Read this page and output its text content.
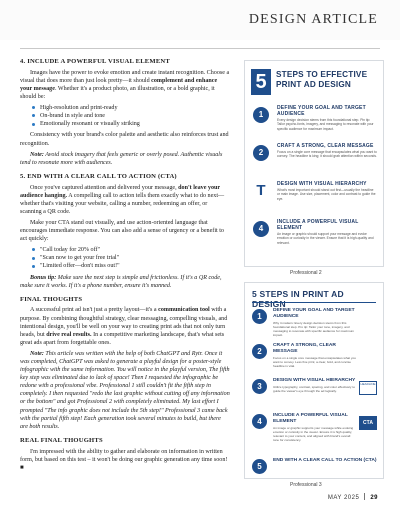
DESIGN ARTICLE
4. INCLUDE A POWERFUL VISUAL ELEMENT

Images have the power to evoke emotion and create instant recognition. Choose a visual that does more than just look pretty—it should complement and enhance your message. Whether it's a product photo, an illustration, or a bold graphic, it should be:

High-resolution and print-ready
On-brand in style and tone
Emotionally resonant or visually striking

Consistency with your brand's color palette and aesthetic also reinforces trust and recognition.

Note: Avoid stock imagery that feels generic or overly posed. Authentic visuals tend to resonate more with audiences.

5. END WITH A CLEAR CALL TO ACTION (CTA)

Once you've captured attention and delivered your message, don't leave your audience hanging. A compelling call to action tells them exactly what to do next—whether that's visiting your website, calling a number, redeeming an offer, or scanning a QR code.

Make your CTA stand out visually, and use action-oriented language that encourages immediate response. You can also add a sense of urgency or a benefit to act quickly:

"Call today for 20% off"
"Scan now to get your free trial"
"Limited offer—don't miss out!"

Bonus tip: Make sure the next step is simple and frictionless. If it's a QR code, make sure it works. If it's a phone number, ensure it's manned.

FINAL THOUGHTS

A successful print ad isn't just a pretty layout—it's a communication tool with a purpose. By combining thoughtful strategy, clear messaging, compelling visuals, and intentional design, you'll be well on your way to creating print ads that not only turn heads, but drive real results. In a competitive marketing landscape, that's what sets great ads apart from forgettable ones.

Note: This article was written with the help of both ChatGPT and Rytr. Once it was completed, ChatGPT was asked to generate a playful design for a poster-style infographic with the same information. You will notice in the playful version, The fifth key step was eliminated due to lack of space! Then I requested the infographic be redone with a professional vibe. Professional 1 still couldn't fit the fifth step in completely. I then requested "redo the last graphic without cutting off any information or the bottom" and got Professional 2 with completely eliminated. My last effort I prompted "The info graphic does not include the 5th step!" Professional 3 came back with the partial fifth step! Each generation took several minutes to build, but there are both results.

REAL FINAL THOUGHTS

I'm impressed with the ability to gather and elaborate on information in written form, but based on this test – it won't be doing our graphic generation any time soon! ■

5	STEPS TO EFFECTIVE
PRINT AD DESIGN
1
DEFINE YOUR GOAL AND TARGET AUDIENCE
Every design decision stems from this foundational step. Pin tip: Tailor psycho-fonts, imagery, and messaging to resonate with your specific audience for maximum impact.
2
CRAFT A STRONG, CLEAR MESSAGE
Focus on a single core message that encapsulates what you want to convey. The headline is king; it should grab attention within seconds.
T	DESIGN WITH VISUAL HIERARCHY
What's most important should stand out first—usually the headline or main image. Use size, placement, color and contrast to guide the eye.
4
INCLUDE A POWERFUL VISUAL ELEMENT
An image or graphic should support your message and evoke emotion or curiosity in the viewer. Ensure that it is high-quality and relevant.
Professional 2
5 STEPS IN PRINT AD DESIGN
1
DEFINE YOUR GOAL AND TARGET AUDIENCE
Why it matters: Every design decision stems from this foundational step. Pro tip: Tailor your tone, imagery, and messaging to resonate with specific audience for maximum impact.
2
CRAFT A STRONG, CLEAR MESSAGE
Focus on a single core message that encapsulates what you want to convey. Less fine print; a clear, bold, and concise headline is vital.
3
DESIGN WITH VISUAL HIERARCHY
Utilize typography, contrast, spacing, and color effectively to guide the viewer's eye through the ad logically.
HEADLINE
4
INCLUDE A POWERFUL VISUAL ELEMENT
An image or graphic supports your message while evoking emotion or curiosity in the viewer. Ensure it is high quality, relevant to your content, and aligned with brand's overall tone for consistency.
CTA
5
END WITH A CLEAR CALL TO ACTION (CTA)
Professional 3
MAY 2025 29
